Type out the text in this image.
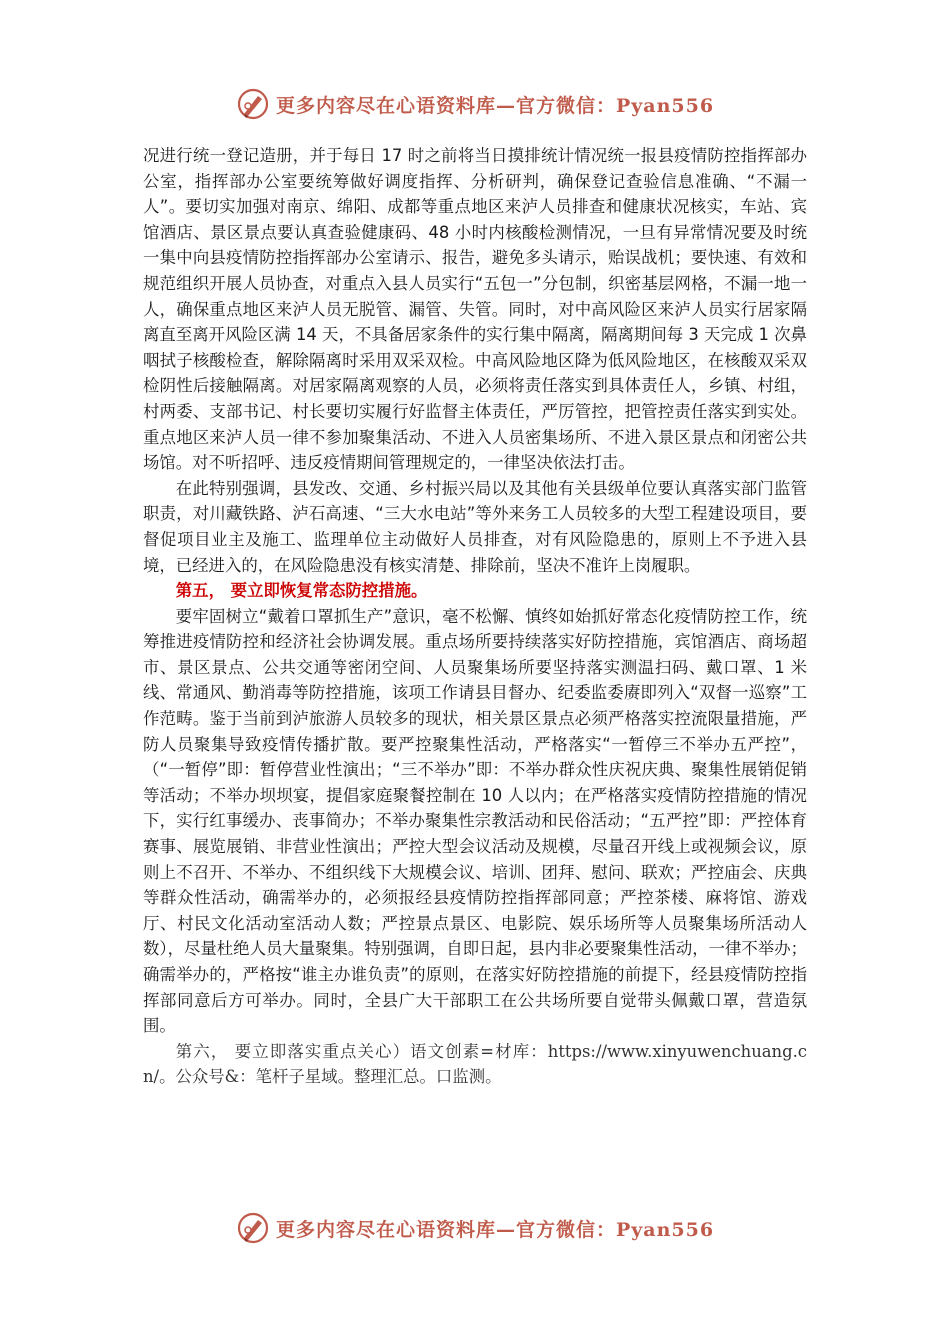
更多内容尽在心语资料库—官方微信：Pyan556

况进行统一登记造册，并于每日 17 时之前将当日摸排统计情况统一报县疫情防控指挥部办公室，指挥部办公室要统筹做好调度指挥、分析研判，确保登记查验信息准确、“不漏一人”。要切实加强对南京、绵阳、成都等重点地区来泸人员排查和健康状况核实，车站、宾馆酒店、景区景点要认真查验健康码、48 小时内核酸检测情况，一旦有异常情况要及时统一集中向县疫情防控指挥部办公室请示、报告，避免多头请示，贻误战机；要快速、有效和规范组织开展人员协查，对重点入县人员实行“五包一”分包制，织密基层网格，不漏一地一人，确保重点地区来泸人员无脱管、漏管、失管。同时，对中高风险区来泸人员实行居家隔离直至离开风险区满 14 天，不具备居家条件的实行集中隔离，隔离期间每 3 天完成 1 次鼻咽拭子核酸检查，解除隔离时采用双采双检。中高风险地区降为低风险地区，在核酸双采双检阴性后接触隔离。对居家隔离观察的人员，必须将责任落实到具体责任人，乡镇、村组，村两委、支部书记、村长要切实履行好监督主体责任，严厉管控，把管控责任落实到实处。重点地区来泸人员一律不参加聚集活动、不进入人员密集场所、不进入景区景点和闭密公共场馆。对不听招呼、违反疫情期间管理规定的，一律坚决依法打击。

在此特别强调，县发改、交通、乡村振兴局以及其他有关县级单位要认真落实部门监管职责，对川藏铁路、泸石高速、“三大水电站”等外来务工人员较多的大型工程建设项目，要督促项目业主及施工、监理单位主动做好人员排查，对有风险隐患的，原则上不予进入县境，已经进入的，在风险隐患没有核实清楚、排除前，坚决不准许上岗履职。

第五， 要立即恢复常态防控措施。

要牢固树立“戴着口罩抓生产”意识，毫不松懈、慎终如始抓好常态化疫情防控工作，统筹推进疫情防控和经济社会协调发展。重点场所要持续落实好防控措施，宾馆酒店、商场超市、景区景点、公共交通等密闭空间、人员聚集场所要坚持落实测温扫码、戴口罩、1 米线、常通风、勤消毒等防控措施，该项工作请县目督办、纪委监委赓即列入“双督一巡察”工作范畴。鉴于当前到泸旅游人员较多的现状，相关景区景点必须严格落实控流限量措施，严防人员聚集导致疫情传播扩散。要严控聚集性活动，严格落实“一暂停三不举办五严控”，（“一暂停”即：暂停营业性演出；“三不举办”即：不举办群众性庆祝庆典、聚集性展销促销等活动；不举办坝坝宴，提倡家庭聚餐控制在 10 人以内；在严格落实疫情防控措施的情况下，实行红事缓办、丧事简办；不举办聚集性宗教活动和民俗活动；“五严控”即：严控体育赛事、展览展销、非营业性演出；严控大型会议活动及规模，尽量召开线上或视频会议，原则上不召开、不举办、不组织线下大规模会议、培训、团拜、慰问、联欢；严控庙会、庆典等群众性活动，确需举办的，必须报经县疫情防控指挥部同意；严控茶楼、麻将馆、游戏厅、村民文化活动室活动人数；严控景点景区、电影院、娱乐场所等人员聚集场所活动人数），尽量杜绝人员大量聚集。特别强调，自即日起，县内非必要聚集性活动，一律不举办；确需举办的，严格按“谁主办谁负责”的原则，在落实好防控措施的前提下，经县疫情防控指挥部同意后方可举办。同时，全县广大干部职工在公共场所要自觉带头佩戴口罩，营造氛围。

第六， 要立即落实重点关心）语文创素=材库：https://www.xinyuwenchuang.cn/。公众号&：笔杆子星域。整理汇总。口监测。

更多内容尽在心语资料库—官方微信：Pyan556
